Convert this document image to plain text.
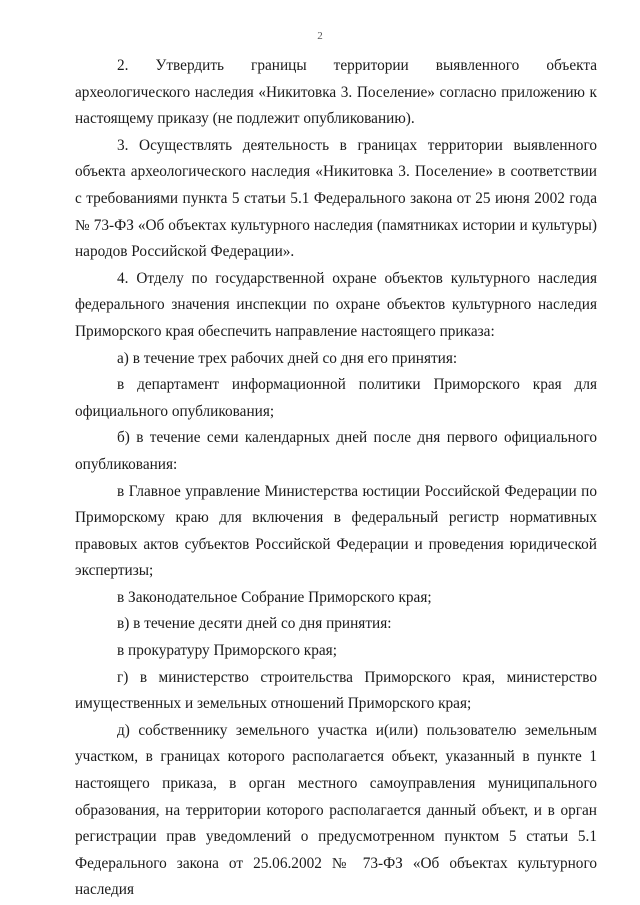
2

2. Утвердить границы территории выявленного объекта археологического наследия «Никитовка 3. Поселение» согласно приложению к настоящему приказу (не подлежит опубликованию).

3. Осуществлять деятельность в границах территории выявленного объекта археологического наследия «Никитовка 3. Поселение» в соответствии с требованиями пункта 5 статьи 5.1 Федерального закона от 25 июня 2002 года № 73-ФЗ «Об объектах культурного наследия (памятниках истории и культуры) народов Российской Федерации».

4. Отделу по государственной охране объектов культурного наследия федерального значения инспекции по охране объектов культурного наследия Приморского края обеспечить направление настоящего приказа:

а) в течение трех рабочих дней со дня его принятия:

в департамент информационной политики Приморского края для официального опубликования;

б) в течение семи календарных дней после дня первого официального опубликования:

в Главное управление Министерства юстиции Российской Федерации по Приморскому краю для включения в федеральный регистр нормативных правовых актов субъектов Российской Федерации и проведения юридической экспертизы;

в Законодательное Собрание Приморского края;

в) в течение десяти дней со дня принятия:

в прокуратуру Приморского края;

г) в министерство строительства Приморского края, министерство имущественных и земельных отношений Приморского края;

д) собственнику земельного участка и(или) пользователю земельным участком, в границах которого располагается объект, указанный в пункте 1 настоящего приказа, в орган местного самоуправления муниципального образования, на территории которого располагается данный объект, и в орган регистрации прав уведомлений о предусмотренном пунктом 5 статьи 5.1 Федерального закона от 25.06.2002 № 73-ФЗ «Об объектах культурного наследия
